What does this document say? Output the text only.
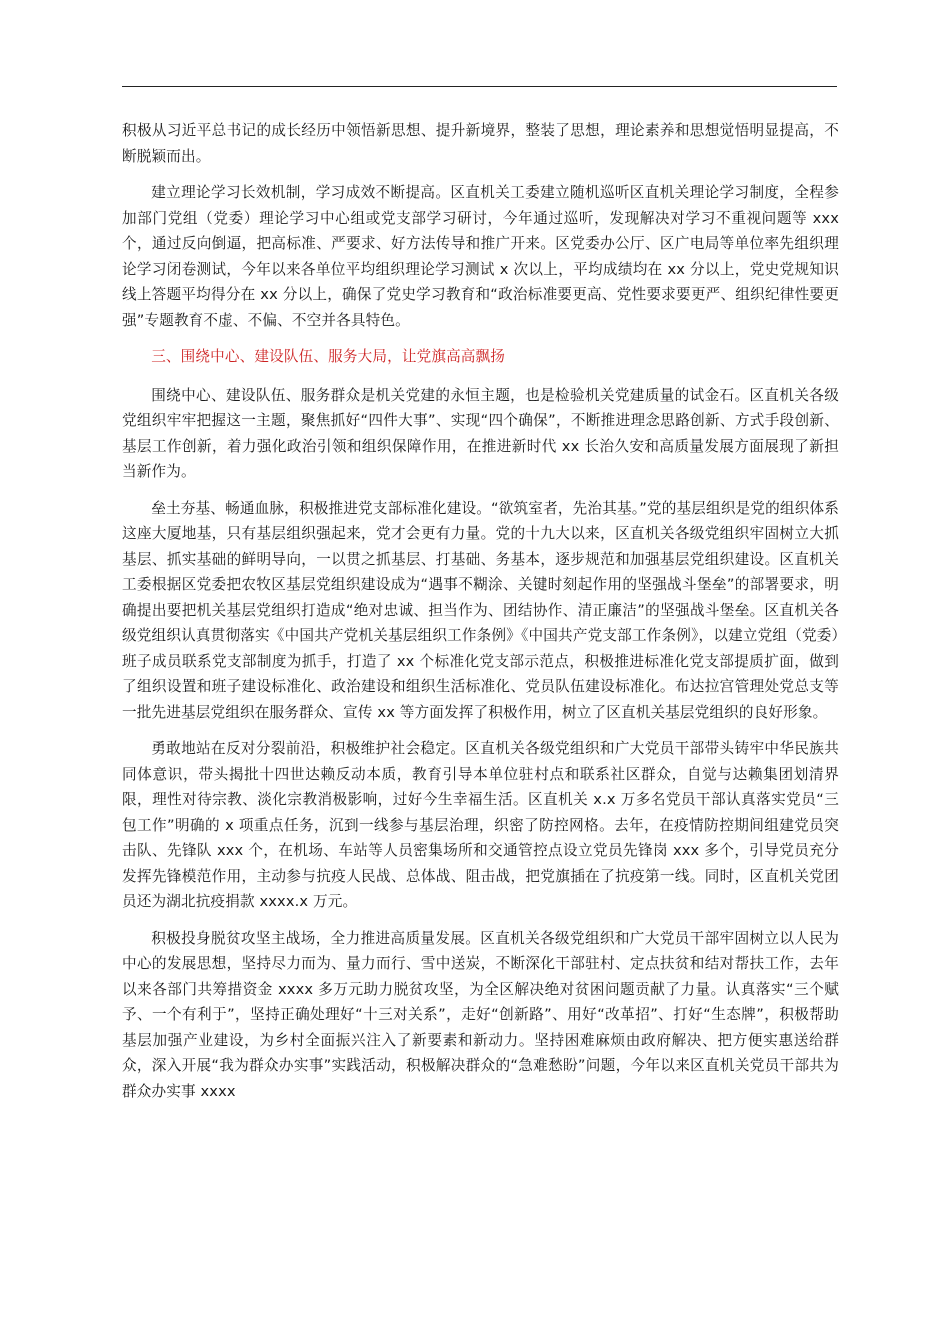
积极从习近平总书记的成长经历中领悟新思想、提升新境界，整装了思想，理论素养和思想觉悟明显提高，不断脱颖而出。

建立理论学习长效机制，学习成效不断提高。区直机关工委建立随机巡听区直机关理论学习制度，全程参加部门党组（党委）理论学习中心组或党支部学习研讨，今年通过巡听，发现解决对学习不重视问题等 xxx 个，通过反向倒逼，把高标准、严要求、好方法传导和推广开来。区党委办公厅、区广电局等单位率先组织理论学习闭卷测试，今年以来各单位平均组织理论学习测试 x 次以上，平均成绩均在 xx 分以上，党史党规知识线上答题平均得分在 xx 分以上，确保了党史学习教育和“政治标准要更高、党性要求要更严、组织纪律性要更强”专题教育不虚、不偏、不空并各具特色。

三、围绕中心、建设队伍、服务大局，让党旗高高飘扬

围绕中心、建设队伍、服务群众是机关党建的永恒主题，也是检验机关党建质量的试金石。区直机关各级党组织牢牢把握这一主题，聚焦抓好“四件大事”、实现“四个确保”，不断推进理念思路创新、方式手段创新、基层工作创新，着力强化政治引领和组织保障作用，在推进新时代 xx 长治久安和高质量发展方面展现了新担当新作为。

垒土夯基、畅通血脉，积极推进党支部标准化建设。“欲筑室者，先治其基。”党的基层组织是党的组织体系这座大厦地基，只有基层组织强起来，党才会更有力量。党的十九大以来，区直机关各级党组织牢固树立大抓基层、抓实基础的鲜明导向，一以贯之抓基层、打基础、务基本，逐步规范和加强基层党组织建设。区直机关工委根据区党委把农牧区基层党组织建设成为“遇事不糊涂、关键时刻起作用的坚强战斗堡垒”的部署要求，明确提出要把机关基层党组织打造成“绝对忠诚、担当作为、团结协作、清正廉洁”的坚强战斗堡垒。区直机关各级党组织认真贯彻落实《中国共产党机关基层组织工作条例》《中国共产党支部工作条例》，以建立党组（党委）班子成员联系党支部制度为抓手，打造了 xx 个标准化党支部示范点，积极推进标准化党支部提质扩面，做到了组织设置和班子建设标准化、政治建设和组织生活标准化、党员队伍建设标准化。布达拉宫管理处党总支等一批先进基层党组织在服务群众、宣传 xx 等方面发挥了积极作用，树立了区直机关基层党组织的良好形象。

勇敢地站在反对分裂前沿，积极维护社会稳定。区直机关各级党组织和广大党员干部带头铸牢中华民族共同体意识，带头揭批十四世达赖反动本质，教育引导本单位驻村点和联系社区群众，自觉与达赖集团划清界限，理性对待宗教、淡化宗教消极影响，过好今生幸福生活。区直机关 x.x 万多名党员干部认真落实党员“三包工作”明确的 x 项重点任务，沉到一线参与基层治理，织密了防控网格。去年，在疫情防控期间组建党员突击队、先锋队 xxx 个，在机场、车站等人员密集场所和交通管控点设立党员先锋岗 xxx 多个，引导党员充分发挥先锋模范作用，主动参与抗疫人民战、总体战、阻击战，把党旗插在了抗疫第一线。同时，区直机关党团员还为湖北抗疫捐款 xxxx.x 万元。

积极投身脱贫攻坚主战场，全力推进高质量发展。区直机关各级党组织和广大党员干部牢固树立以人民为中心的发展思想，坚持尽力而为、量力而行、雪中送炭，不断深化干部驻村、定点扶贫和结对帮扶工作，去年以来各部门共筹措资金 xxxx 多万元助力脱贫攻坚，为全区解决绝对贫困问题贡献了力量。认真落实“三个赋予、一个有利于”，坚持正确处理好“十三对关系”，走好“创新路”、用好“改革招”、打好“生态牌”，积极帮助基层加强产业建设，为乡村全面振兴注入了新要素和新动力。坚持困难麻烦由政府解决、把方便实惠送给群众，深入开展“我为群众办实事”实践活动，积极解决群众的“急难愁盼”问题，今年以来区直机关党员干部共为群众办实事 xxxx
